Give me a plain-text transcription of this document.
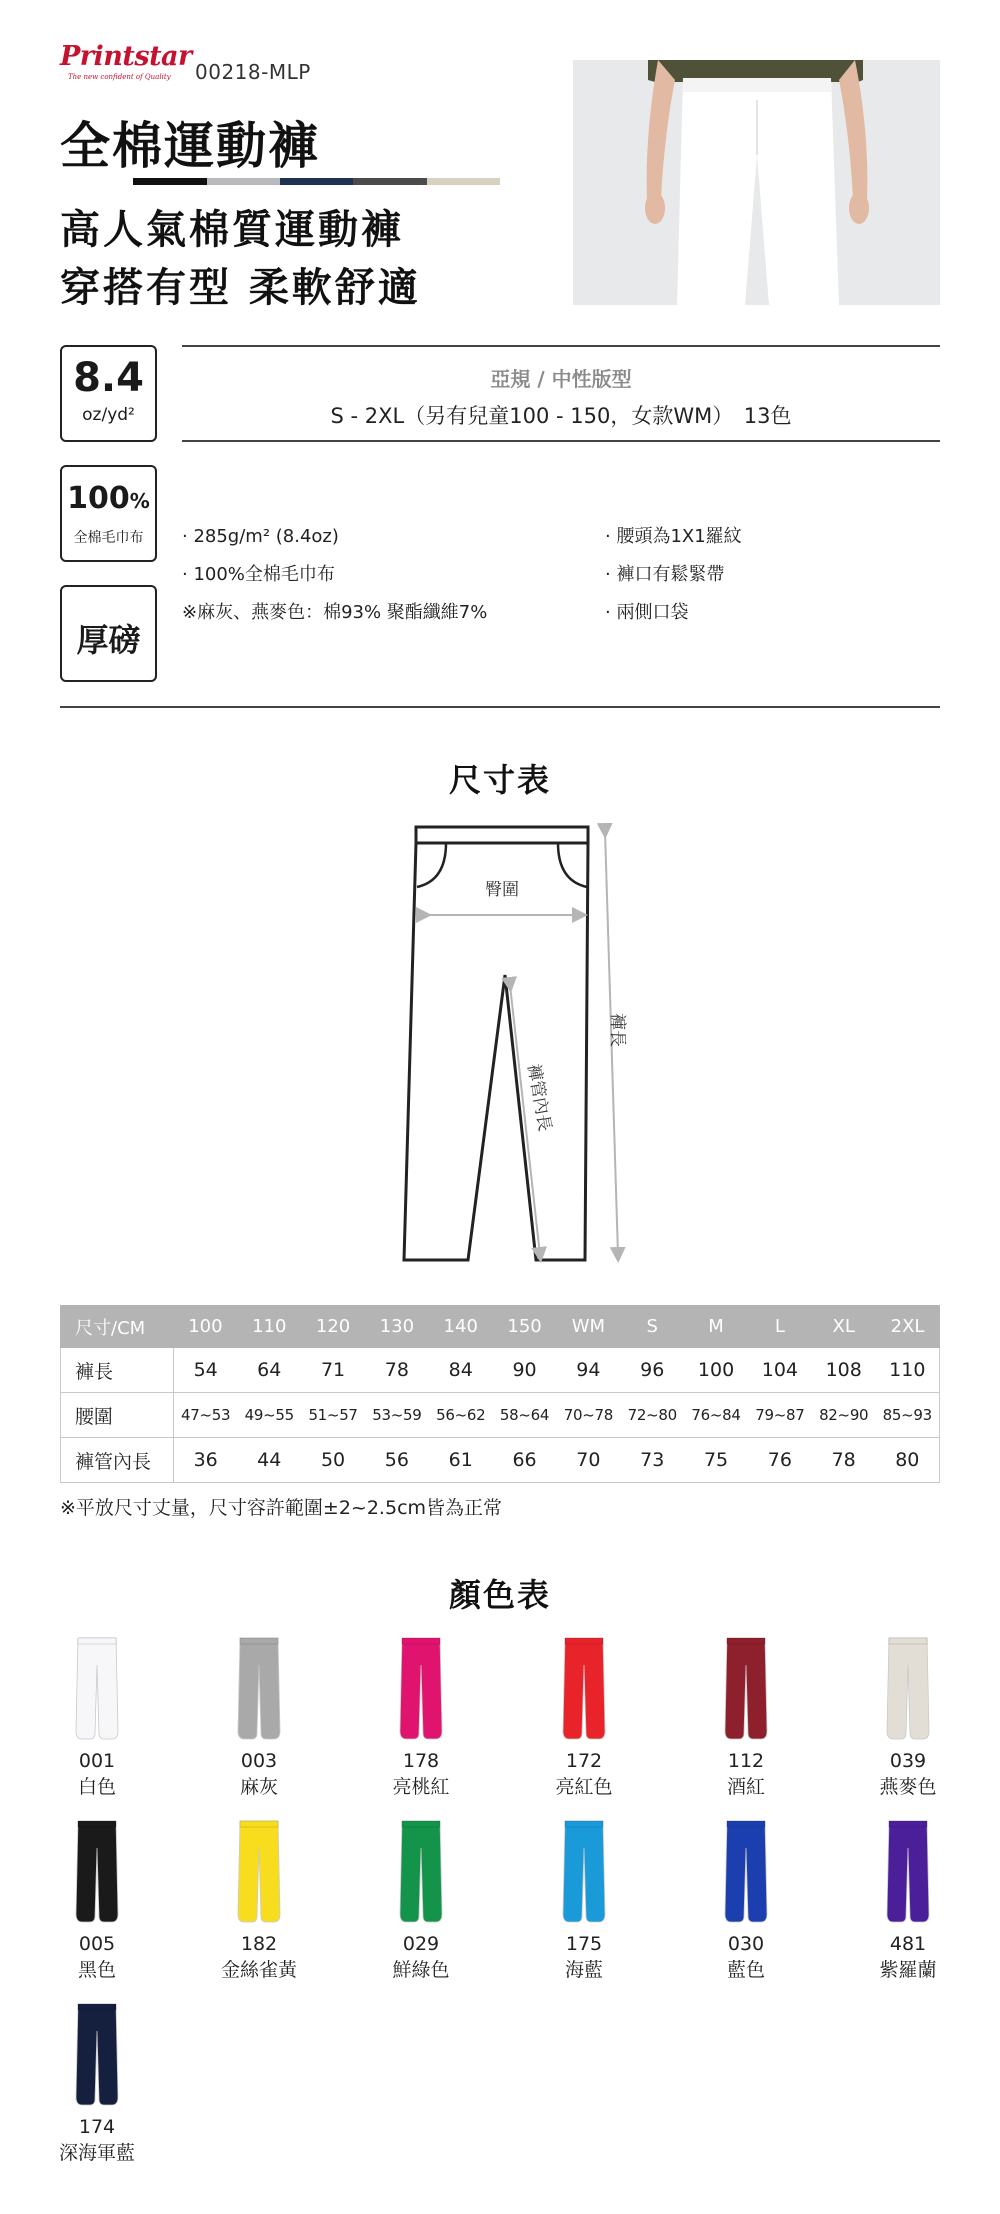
Printstar
The new confident of Quality	00218-MLP
全棉運動褲
高人氣棉質運動褲
穿搭有型 柔軟舒適
8.4
oz/yd²
100%
全棉毛巾布
厚磅
亞規 / 中性版型
S - 2XL（另有兒童100 - 150，女款WM）　13色
· 285g/m² (8.4oz)
· 100%全棉毛巾布
※麻灰、燕麥色：棉93% 聚酯纖維7%
· 腰頭為1X1羅紋
· 褲口有鬆緊帶
· 兩側口袋
尺寸表
臀圍
褲長
褲管內長
尺寸/CM	100	110	120	130	140	150	WM	S	M	L	XL	2XL
褲長	54	64	71	78	84	90	94	96	100	104	108	110
腰圍	47~53	49~55	51~57	53~59	56~62	58~64	70~78	72~80	76~84	79~87	82~90	85~93
褲管內長	36	44	50	56	61	66	70	73	75	76	78	80
※平放尺寸丈量，尺寸容許範圍±2~2.5cm皆為正常
顏色表
001
白色
003
麻灰
178
亮桃紅
172
亮紅色
112
酒紅
039
燕麥色
005
黑色
182
金絲雀黃
029
鮮綠色
175
海藍
030
藍色
481
紫羅蘭
174
深海軍藍
